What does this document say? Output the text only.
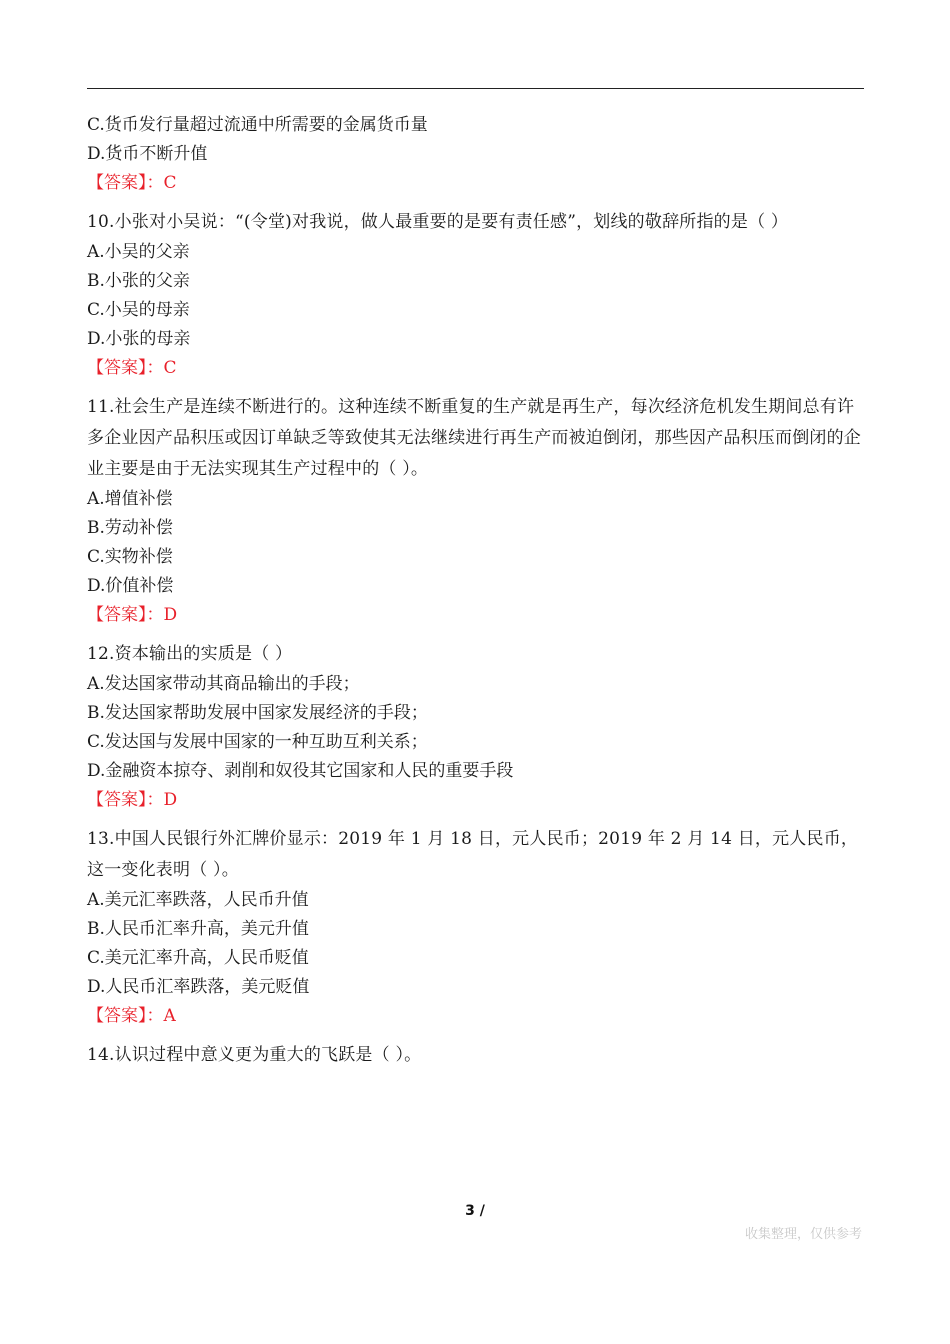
C.货币发行量超过流通中所需要的金属货币量
D.货币不断升值
【答案】：C
10.小张对小吴说：“(令堂)对我说，做人最重要的是要有责任感”，划线的敬辞所指的是（ ）
A.小吴的父亲
B.小张的父亲
C.小吴的母亲
D.小张的母亲
【答案】：C
11.社会生产是连续不断进行的。这种连续不断重复的生产就是再生产，每次经济危机发生期间总有许多企业因产品积压或因订单缺乏等致使其无法继续进行再生产而被迫倒闭，那些因产品积压而倒闭的企业主要是由于无法实现其生产过程中的（ ）。
A.增值补偿
B.劳动补偿
C.实物补偿
D.价值补偿
【答案】：D
12.资本输出的实质是（ ）
A.发达国家带动其商品输出的手段；
B.发达国家帮助发展中国家发展经济的手段；
C.发达国与发展中国家的一种互助互利关系；
D.金融资本掠夺、剥削和奴役其它国家和人民的重要手段
【答案】：D
13.中国人民银行外汇牌价显示：2019 年 1 月 18 日，元人民币；2019 年 2 月 14 日，元人民币，这一变化表明（ ）。
A.美元汇率跌落，人民币升值
B.人民币汇率升高，美元升值
C.美元汇率升高，人民币贬值
D.人民币汇率跌落，美元贬值
【答案】：A
14.认识过程中意义更为重大的飞跃是（ ）。
3 /
收集整理，仅供参考
